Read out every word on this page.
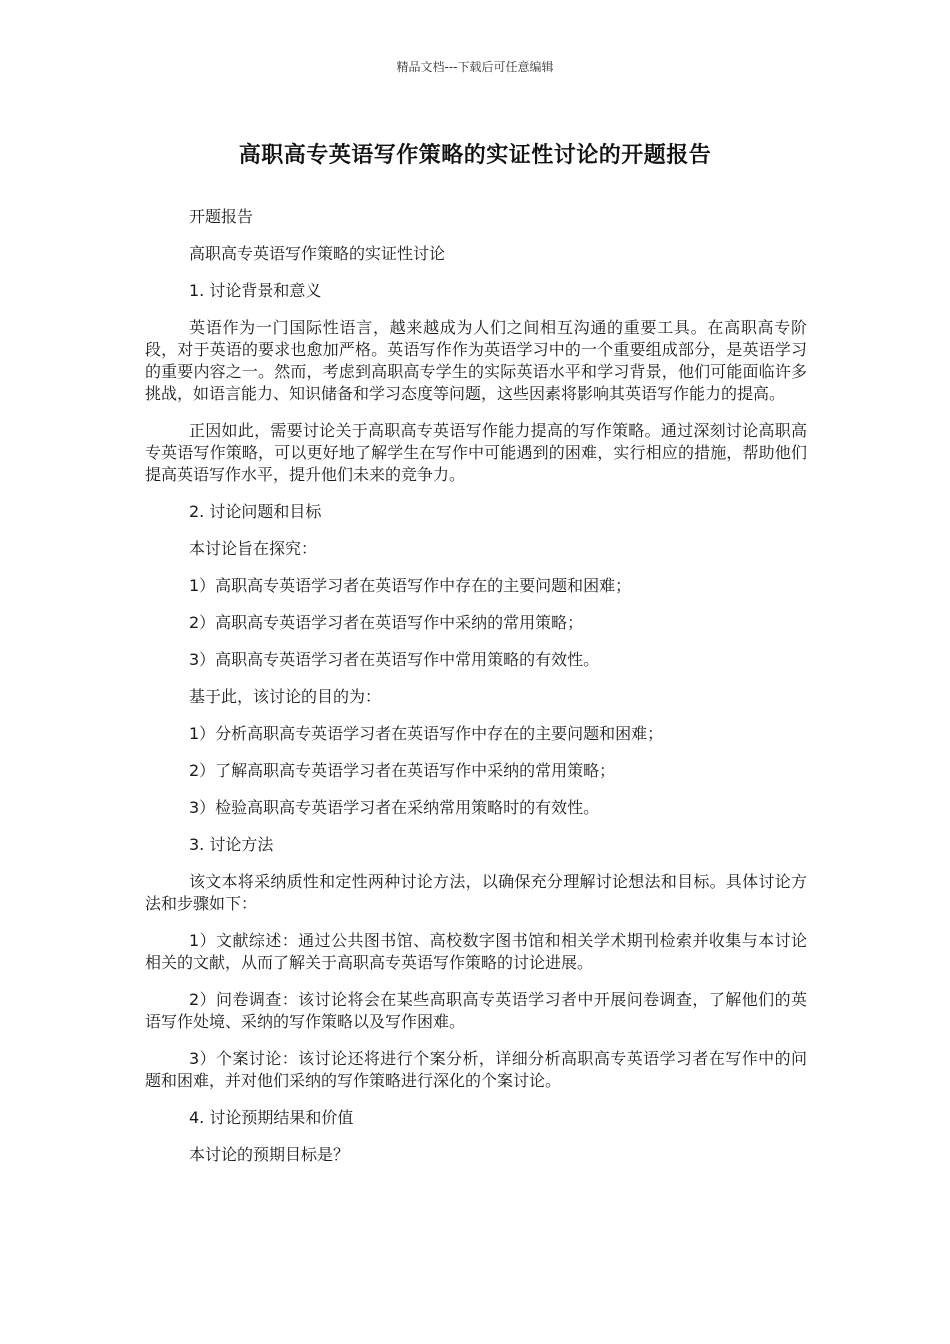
精品文档---下载后可任意编辑
高职高专英语写作策略的实证性讨论的开题报告

开题报告

高职高专英语写作策略的实证性讨论

1. 讨论背景和意义

英语作为一门国际性语言，越来越成为人们之间相互沟通的重要工具。在高职高专阶段，对于英语的要求也愈加严格。英语写作作为英语学习中的一个重要组成部分，是英语学习的重要内容之一。然而，考虑到高职高专学生的实际英语水平和学习背景，他们可能面临许多挑战，如语言能力、知识储备和学习态度等问题，这些因素将影响其英语写作能力的提高。

正因如此，需要讨论关于高职高专英语写作能力提高的写作策略。通过深刻讨论高职高专英语写作策略，可以更好地了解学生在写作中可能遇到的困难，实行相应的措施，帮助他们提高英语写作水平，提升他们未来的竞争力。

2. 讨论问题和目标

本讨论旨在探究：

1）高职高专英语学习者在英语写作中存在的主要问题和困难；

2）高职高专英语学习者在英语写作中采纳的常用策略；

3）高职高专英语学习者在英语写作中常用策略的有效性。

基于此，该讨论的目的为：

1）分析高职高专英语学习者在英语写作中存在的主要问题和困难；

2）了解高职高专英语学习者在英语写作中采纳的常用策略；

3）检验高职高专英语学习者在采纳常用策略时的有效性。

3. 讨论方法

该文本将采纳质性和定性两种讨论方法，以确保充分理解讨论想法和目标。具体讨论方法和步骤如下：

1）文献综述：通过公共图书馆、高校数字图书馆和相关学术期刊检索并收集与本讨论相关的文献，从而了解关于高职高专英语写作策略的讨论进展。

2）问卷调查：该讨论将会在某些高职高专英语学习者中开展问卷调查，了解他们的英语写作处境、采纳的写作策略以及写作困难。

3）个案讨论：该讨论还将进行个案分析，详细分析高职高专英语学习者在写作中的问题和困难，并对他们采纳的写作策略进行深化的个案讨论。

4. 讨论预期结果和价值

本讨论的预期目标是？
